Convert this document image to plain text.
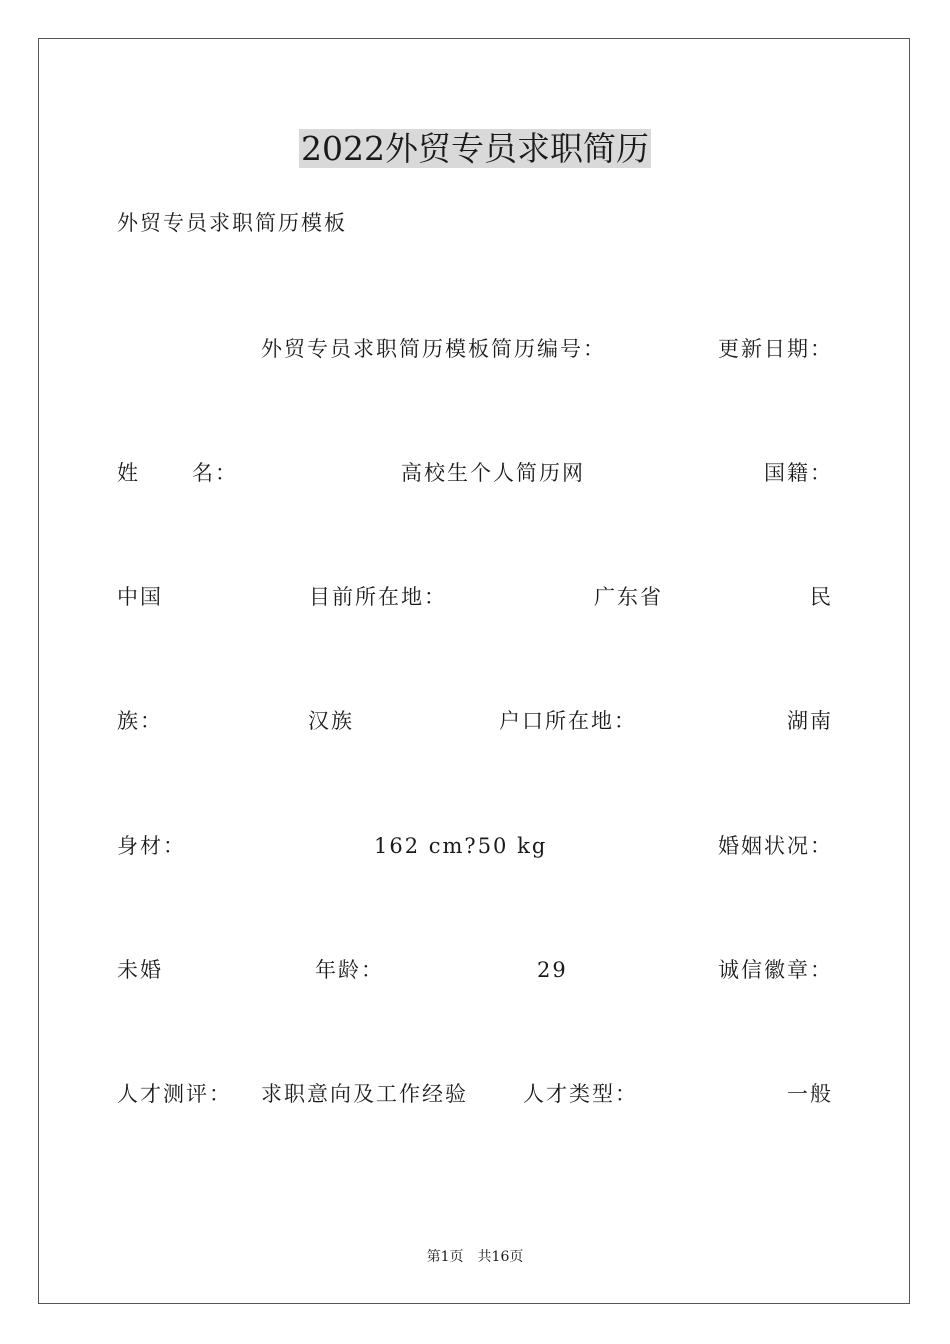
2022外贸专员求职简历
外贸专员求职简历模板
外贸专员求职简历模板简历编号：	更新日期：
姓 名：	高校生个人简历网	国籍：
中国	目前所在地：	广东省	民
族：	汉族	户口所在地：	湖南
身材：	162 cm?50 kg	婚姻状况：
未婚	年龄：	29	诚信徽章：
人才测评： 求职意向及工作经验	人才类型：	一般
第1页 共16页
